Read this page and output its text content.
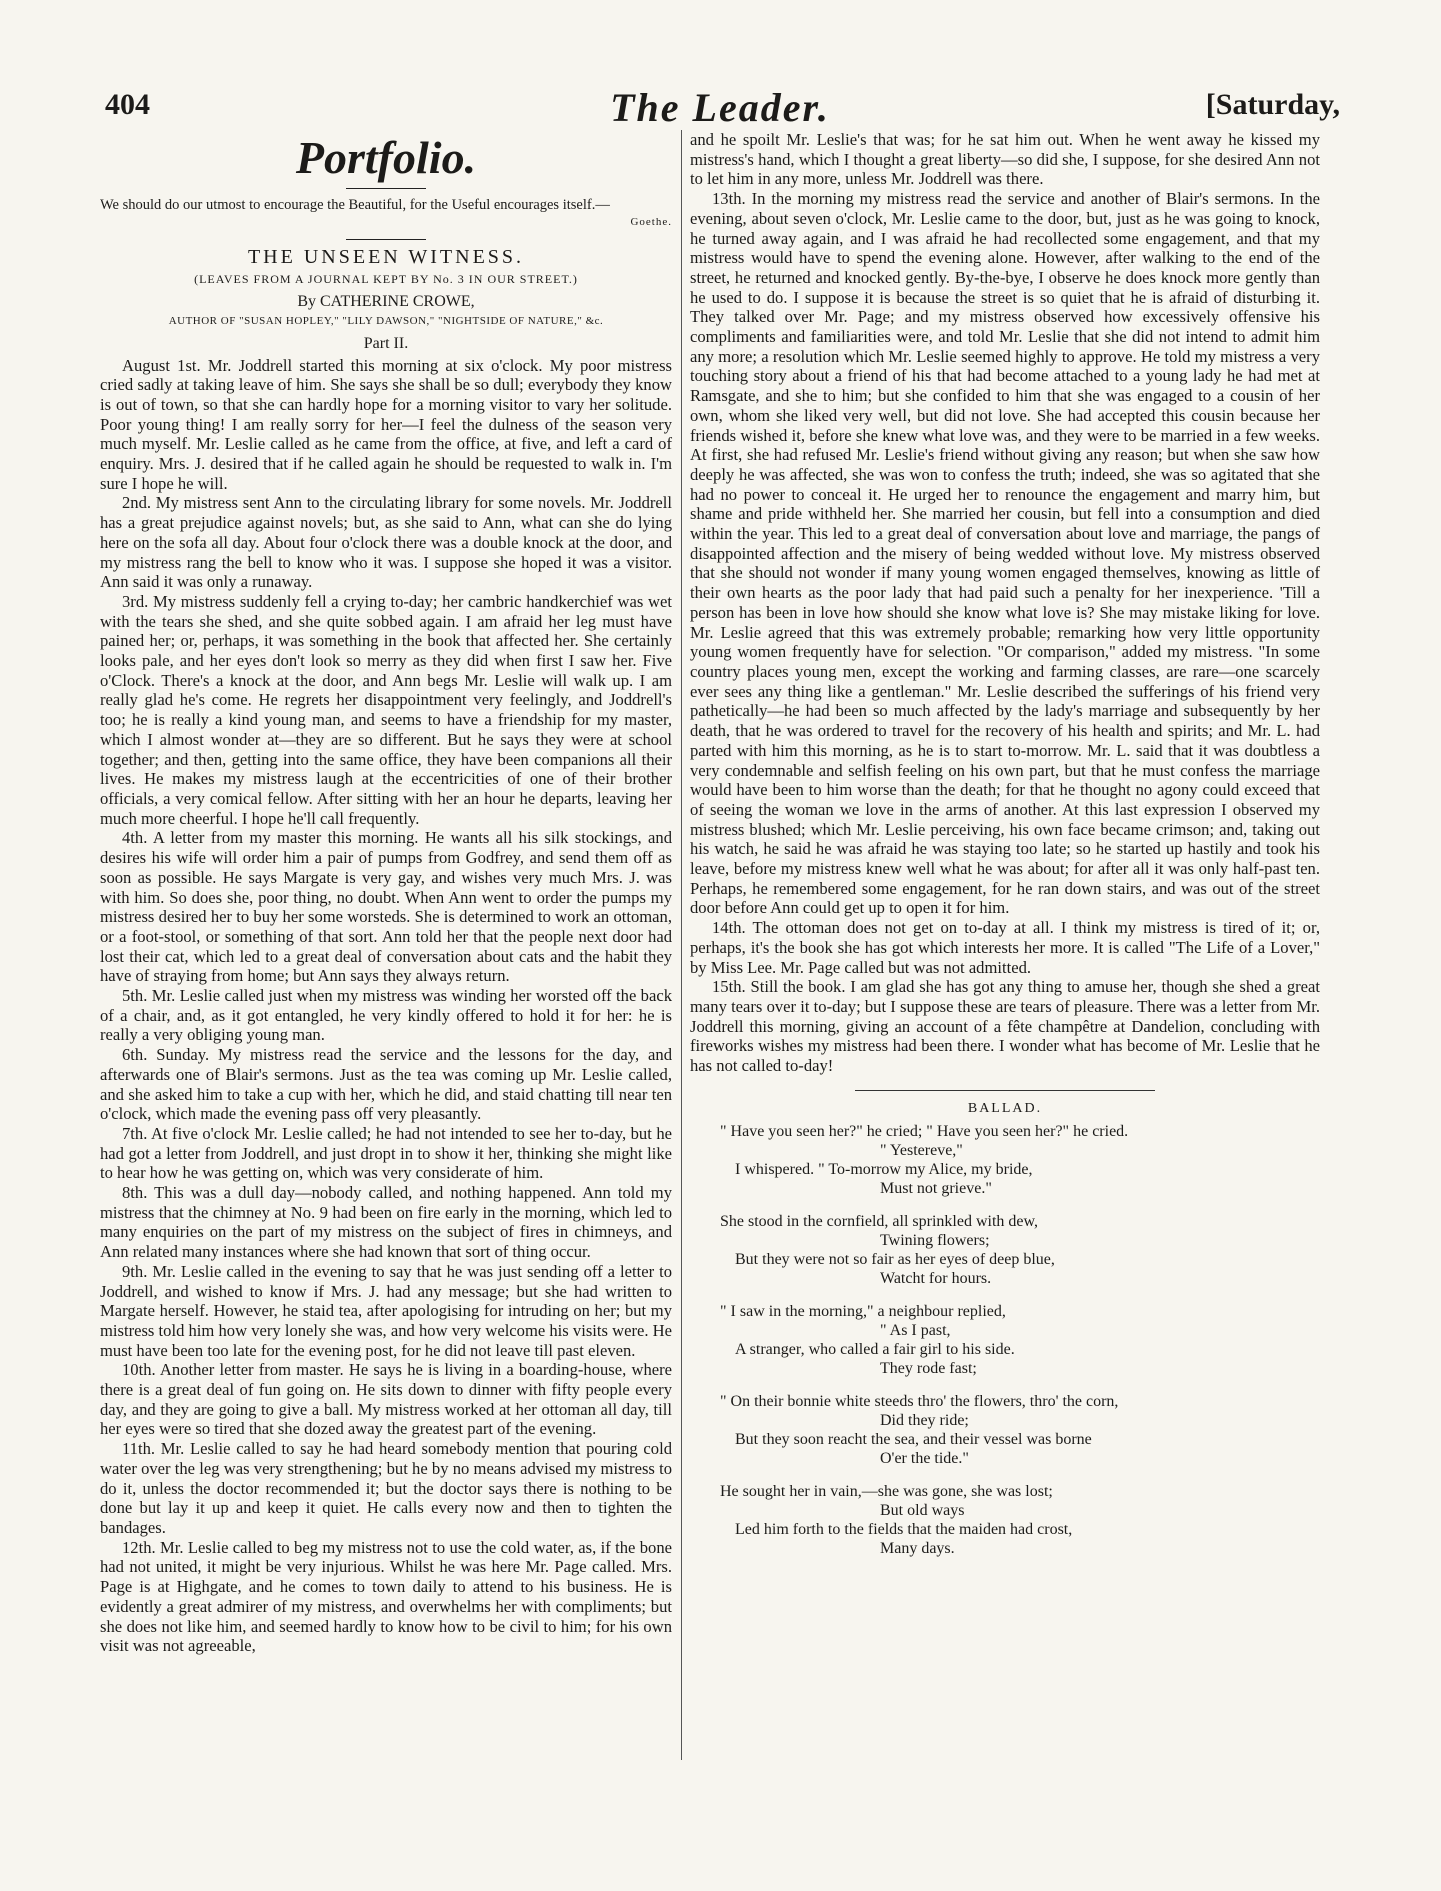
404	The Leader.	[Saturday,
Portfolio.
We should do our utmost to encourage the Beautiful, for the Useful encourages itself.—
Goethe.
THE UNSEEN WITNESS.
(LEAVES FROM A JOURNAL KEPT BY No. 3 IN OUR STREET.)
By CATHERINE CROWE,
AUTHOR OF "SUSAN HOPLEY," "LILY DAWSON," "NIGHTSIDE OF NATURE," &c.
Part II.

August 1st. Mr. Joddrell started this morning at six o'clock. My poor mistress cried sadly at taking leave of him. She says she shall be so dull; everybody they know is out of town, so that she can hardly hope for a morning visitor to vary her solitude. Poor young thing! I am really sorry for her—I feel the dulness of the season very much myself. Mr. Leslie called as he came from the office, at five, and left a card of enquiry. Mrs. J. desired that if he called again he should be requested to walk in. I'm sure I hope he will.

2nd. My mistress sent Ann to the circulating library for some novels. Mr. Joddrell has a great prejudice against novels; but, as she said to Ann, what can she do lying here on the sofa all day. About four o'clock there was a double knock at the door, and my mistress rang the bell to know who it was. I suppose she hoped it was a visitor. Ann said it was only a runaway.

3rd. My mistress suddenly fell a crying to-day; her cambric handkerchief was wet with the tears she shed, and she quite sobbed again. I am afraid her leg must have pained her; or, perhaps, it was something in the book that affected her. She certainly looks pale, and her eyes don't look so merry as they did when first I saw her. Five o'Clock. There's a knock at the door, and Ann begs Mr. Leslie will walk up. I am really glad he's come. He regrets her disappointment very feelingly, and Joddrell's too; he is really a kind young man, and seems to have a friendship for my master, which I almost wonder at—they are so different. But he says they were at school together; and then, getting into the same office, they have been companions all their lives. He makes my mistress laugh at the eccentricities of one of their brother officials, a very comical fellow. After sitting with her an hour he departs, leaving her much more cheerful. I hope he'll call frequently.

4th. A letter from my master this morning. He wants all his silk stockings, and desires his wife will order him a pair of pumps from Godfrey, and send them off as soon as possible. He says Margate is very gay, and wishes very much Mrs. J. was with him. So does she, poor thing, no doubt. When Ann went to order the pumps my mistress desired her to buy her some worsteds. She is determined to work an ottoman, or a foot-stool, or something of that sort. Ann told her that the people next door had lost their cat, which led to a great deal of conversation about cats and the habit they have of straying from home; but Ann says they always return.

5th. Mr. Leslie called just when my mistress was winding her worsted off the back of a chair, and, as it got entangled, he very kindly offered to hold it for her: he is really a very obliging young man.

6th. Sunday. My mistress read the service and the lessons for the day, and afterwards one of Blair's sermons. Just as the tea was coming up Mr. Leslie called, and she asked him to take a cup with her, which he did, and staid chatting till near ten o'clock, which made the evening pass off very pleasantly.

7th. At five o'clock Mr. Leslie called; he had not intended to see her to-day, but he had got a letter from Joddrell, and just dropt in to show it her, thinking she might like to hear how he was getting on, which was very considerate of him.

8th. This was a dull day—nobody called, and nothing happened. Ann told my mistress that the chimney at No. 9 had been on fire early in the morning, which led to many enquiries on the part of my mistress on the subject of fires in chimneys, and Ann related many instances where she had known that sort of thing occur.

9th. Mr. Leslie called in the evening to say that he was just sending off a letter to Joddrell, and wished to know if Mrs. J. had any message; but she had written to Margate herself. However, he staid tea, after apologising for intruding on her; but my mistress told him how very lonely she was, and how very welcome his visits were. He must have been too late for the evening post, for he did not leave till past eleven.

10th. Another letter from master. He says he is living in a boarding-house, where there is a great deal of fun going on. He sits down to dinner with fifty people every day, and they are going to give a ball. My mistress worked at her ottoman all day, till her eyes were so tired that she dozed away the greatest part of the evening.

11th. Mr. Leslie called to say he had heard somebody mention that pouring cold water over the leg was very strengthening; but he by no means advised my mistress to do it, unless the doctor recommended it; but the doctor says there is nothing to be done but lay it up and keep it quiet. He calls every now and then to tighten the bandages.

12th. Mr. Leslie called to beg my mistress not to use the cold water, as, if the bone had not united, it might be very injurious. Whilst he was here Mr. Page called. Mrs. Page is at Highgate, and he comes to town daily to attend to his business. He is evidently a great admirer of my mistress, and overwhelms her with compliments; but she does not like him, and seemed hardly to know how to be civil to him; for his own visit was not agreeable,

and he spoilt Mr. Leslie's that was; for he sat him out. When he went away he kissed my mistress's hand, which I thought a great liberty—so did she, I suppose, for she desired Ann not to let him in any more, unless Mr. Joddrell was there.

13th. In the morning my mistress read the service and another of Blair's sermons. In the evening, about seven o'clock, Mr. Leslie came to the door, but, just as he was going to knock, he turned away again, and I was afraid he had recollected some engagement, and that my mistress would have to spend the evening alone. However, after walking to the end of the street, he returned and knocked gently. By-the-bye, I observe he does knock more gently than he used to do. I suppose it is because the street is so quiet that he is afraid of disturbing it. They talked over Mr. Page; and my mistress observed how excessively offensive his compliments and familiarities were, and told Mr. Leslie that she did not intend to admit him any more; a resolution which Mr. Leslie seemed highly to approve. He told my mistress a very touching story about a friend of his that had become attached to a young lady he had met at Ramsgate, and she to him; but she confided to him that she was engaged to a cousin of her own, whom she liked very well, but did not love. She had accepted this cousin because her friends wished it, before she knew what love was, and they were to be married in a few weeks. At first, she had refused Mr. Leslie's friend without giving any reason; but when she saw how deeply he was affected, she was won to confess the truth; indeed, she was so agitated that she had no power to conceal it. He urged her to renounce the engagement and marry him, but shame and pride withheld her. She married her cousin, but fell into a consumption and died within the year. This led to a great deal of conversation about love and marriage, the pangs of disappointed affection and the misery of being wedded without love. My mistress observed that she should not wonder if many young women engaged themselves, knowing as little of their own hearts as the poor lady that had paid such a penalty for her inexperience. 'Till a person has been in love how should she know what love is? She may mistake liking for love. Mr. Leslie agreed that this was extremely probable; remarking how very little opportunity young women frequently have for selection. "Or comparison," added my mistress. "In some country places young men, except the working and farming classes, are rare—one scarcely ever sees any thing like a gentleman." Mr. Leslie described the sufferings of his friend very pathetically—he had been so much affected by the lady's marriage and subsequently by her death, that he was ordered to travel for the recovery of his health and spirits; and Mr. L. had parted with him this morning, as he is to start to-morrow. Mr. L. said that it was doubtless a very condemnable and selfish feeling on his own part, but that he must confess the marriage would have been to him worse than the death; for that he thought no agony could exceed that of seeing the woman we love in the arms of another. At this last expression I observed my mistress blushed; which Mr. Leslie perceiving, his own face became crimson; and, taking out his watch, he said he was afraid he was staying too late; so he started up hastily and took his leave, before my mistress knew well what he was about; for after all it was only half-past ten. Perhaps, he remembered some engagement, for he ran down stairs, and was out of the street door before Ann could get up to open it for him.

14th. The ottoman does not get on to-day at all. I think my mistress is tired of it; or, perhaps, it's the book she has got which interests her more. It is called "The Life of a Lover," by Miss Lee. Mr. Page called but was not admitted.

15th. Still the book. I am glad she has got any thing to amuse her, though she shed a great many tears over it to-day; but I suppose these are tears of pleasure. There was a letter from Mr. Joddrell this morning, giving an account of a fête champêtre at Dandelion, concluding with fireworks wishes my mistress had been there. I wonder what has become of Mr. Leslie that he has not called to-day!

BALLAD.
" Have you seen her?" he cried; " Have you seen her?" he cried.
" Yestereve,"
I whispered. " To-morrow my Alice, my bride,
Must not grieve."
She stood in the cornfield, all sprinkled with dew,
Twining flowers;
But they were not so fair as her eyes of deep blue,
Watcht for hours.
" I saw in the morning," a neighbour replied,
" As I past,
A stranger, who called a fair girl to his side.
They rode fast;
" On their bonnie white steeds thro' the flowers, thro' the corn,
Did they ride;
But they soon reacht the sea, and their vessel was borne
O'er the tide."
He sought her in vain,—she was gone, she was lost;
But old ways
Led him forth to the fields that the maiden had crost,
Many days.
